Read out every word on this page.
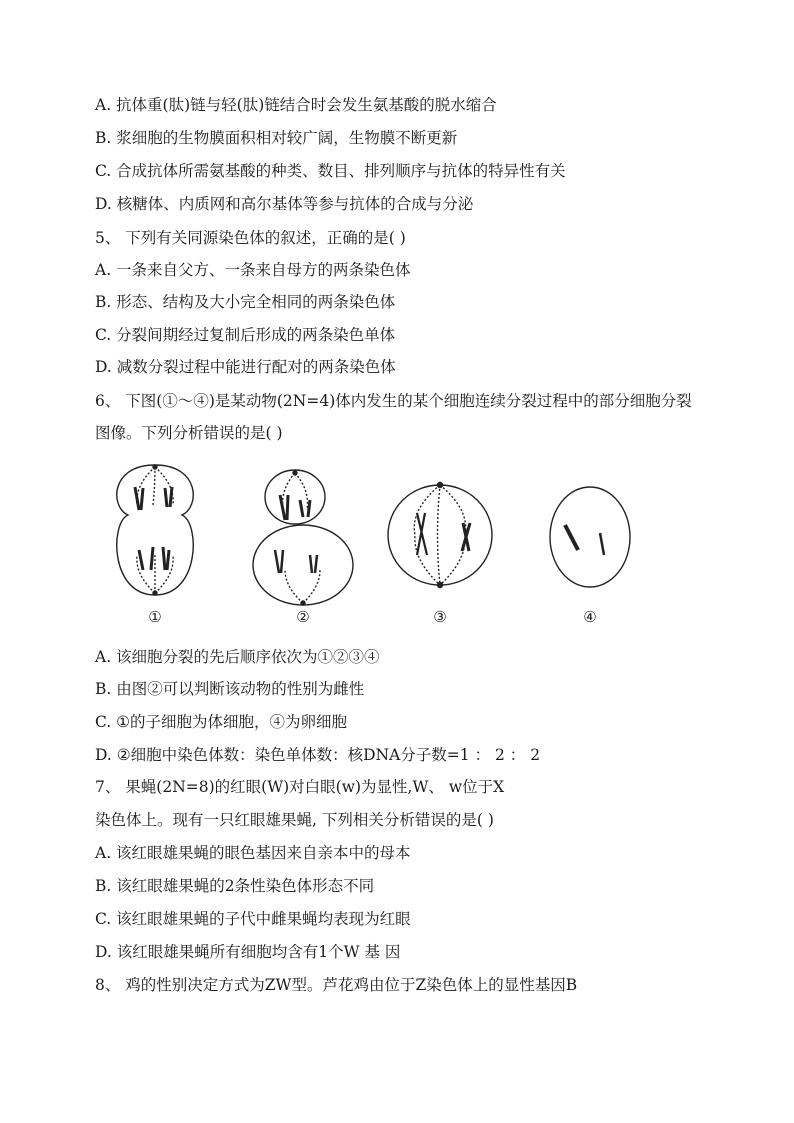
A. 抗体重(肽)链与轻(肽)链结合时会发生氨基酸的脱水缩合
B. 浆细胞的生物膜面积相对较广阔，生物膜不断更新
C. 合成抗体所需氨基酸的种类、数目、排列顺序与抗体的特异性有关
D. 核糖体、内质网和高尔基体等参与抗体的合成与分泌
5、 下列有关同源染色体的叙述，正确的是( )
A. 一条来自父方、一条来自母方的两条染色体
B. 形态、结构及大小完全相同的两条染色体
C. 分裂间期经过复制后形成的两条染色单体
D. 减数分裂过程中能进行配对的两条染色体
6、 下图(①～④)是某动物(2N=4)体内发生的某个细胞连续分裂过程中的部分细胞分裂
图像。下列分析错误的是( )
①	②	③	④
A. 该细胞分裂的先后顺序依次为①②③④
B. 由图②可以判断该动物的性别为雌性
C. ①的子细胞为体细胞，④为卵细胞
D. ②细胞中染色体数：染色单体数：核DNA分子数=1 ： 2 ： 2
7、 果蝇(2N=8)的红眼(W)对白眼(w)为显性,W、 w位于X
染色体上。现有一只红眼雄果蝇, 下列相关分析错误的是( )
A. 该红眼雄果蝇的眼色基因来自亲本中的母本
B. 该红眼雄果蝇的2条性染色体形态不同
C. 该红眼雄果蝇的子代中雌果蝇均表现为红眼
D. 该红眼雄果蝇所有细胞均含有1个W 基 因
8、 鸡的性别决定方式为ZW型。芦花鸡由位于Z染色体上的显性基因B
